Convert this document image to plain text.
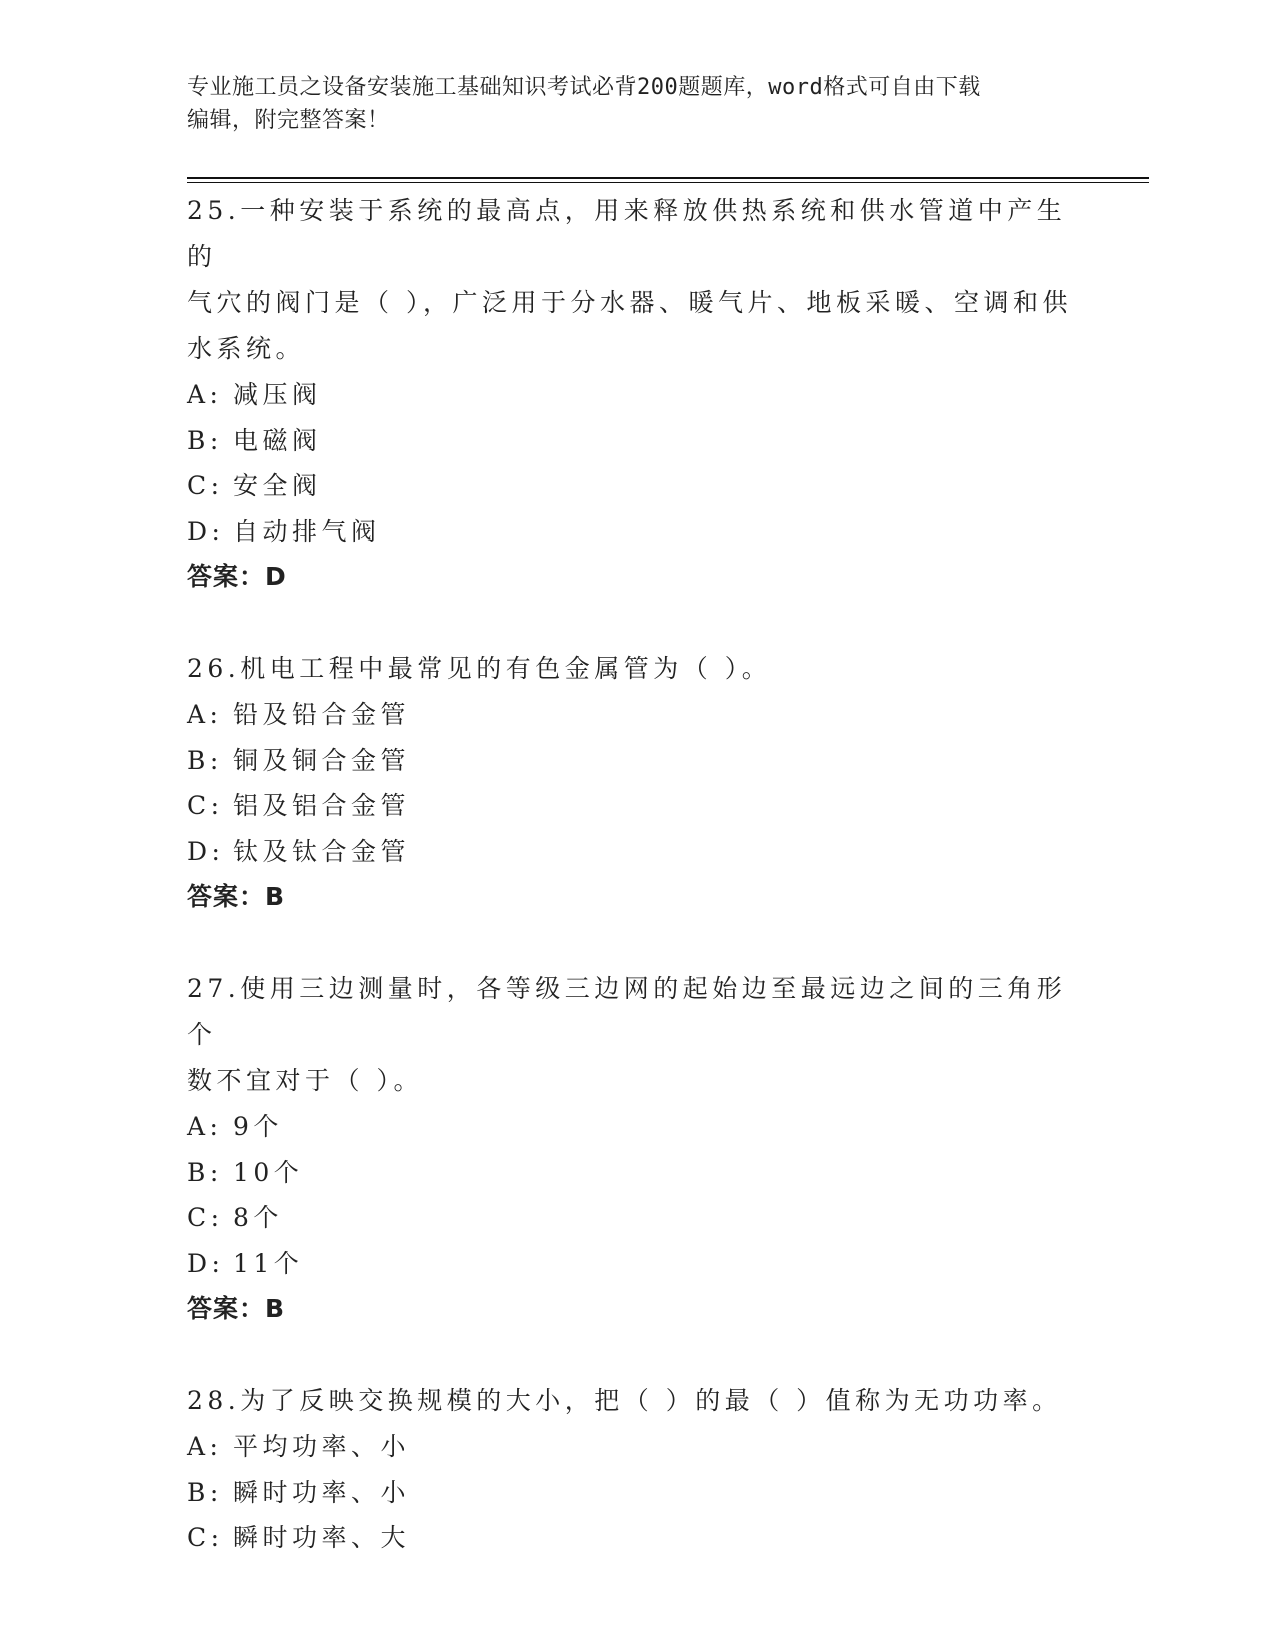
专业施工员之设备安装施工基础知识考试必背200题题库，word格式可自由下载
编辑，附完整答案！

25.一种安装于系统的最高点，用来释放供热系统和供水管道中产生的

气穴的阀门是（ ），广泛用于分水器、暖气片、地板采暖、空调和供

水系统。

A: 减压阀

B: 电磁阀

C: 安全阀

D: 自动排气阀

答案：D

26.机电工程中最常见的有色金属管为（ ）。

A: 铅及铅合金管

B: 铜及铜合金管

C: 铝及铝合金管

D: 钛及钛合金管

答案：B

27.使用三边测量时，各等级三边网的起始边至最远边之间的三角形个

数不宜对于（ ）。

A: 9个

B: 10个

C: 8个

D: 11个

答案：B

28.为了反映交换规模的大小，把（ ）的最（ ）值称为无功功率。

A: 平均功率、小

B: 瞬时功率、小

C: 瞬时功率、大
